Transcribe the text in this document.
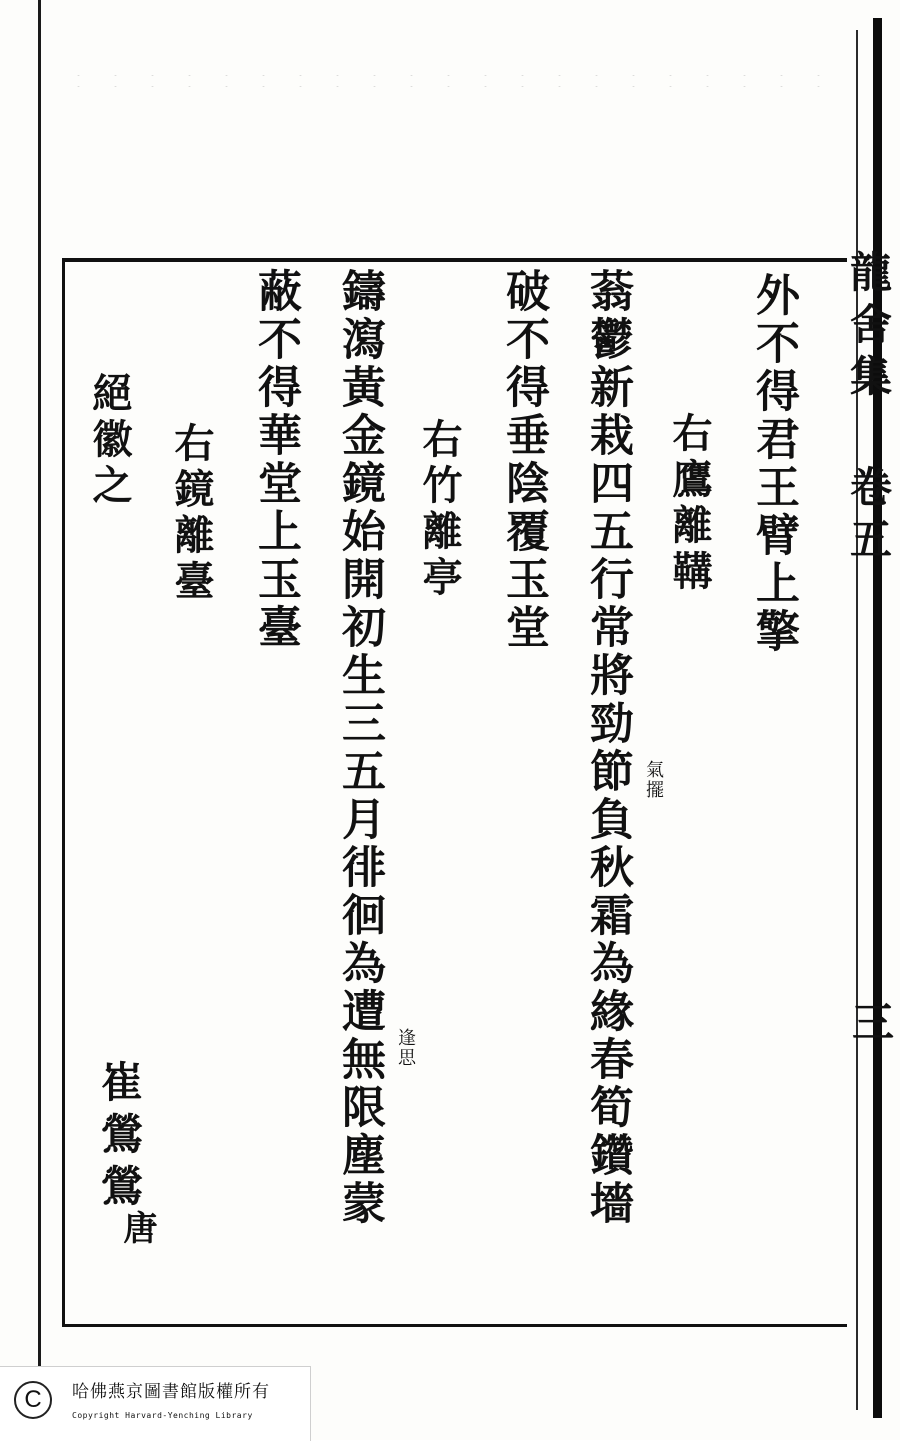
龍舍集 卷五
三
外不得君王臂上擎
右鷹離鞲
蓊鬱新栽四五行常將勁節負秋霜為緣春筍鑽墻
破不得垂陰覆玉堂
右竹離亭
鑄瀉黃金鏡始開初生三五月徘徊為遭無限塵蒙
蔽不得華堂上玉臺
右鏡離臺
絕徽之
崔鶯鶯
唐
氣擺
逢思
C	哈佛燕京圖書館版權所有
Copyright Harvard-Yenching Library
